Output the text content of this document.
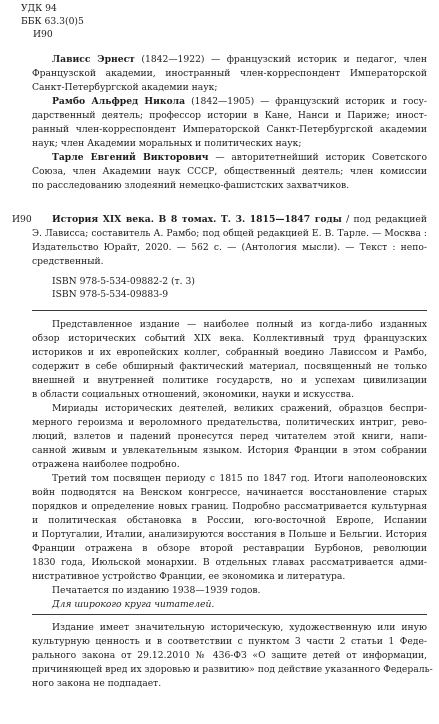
УДК 94
ББК 63.3(0)5
И90
Лависс Эрнест (1842—1922) — французский историк и педагог, член
Французской академии, иностранный член-корреспондент Императорской
Санкт-Петербургской академии наук;
Рамбо Альфред Никола (1842—1905) — французский историк и госу-
дарственный деятель; профессор истории в Кане, Нанси и Париже; иност-
ранный член-корреспондент Императорской Санкт-Петербургской академии
наук; член Академии моральных и политических наук;
Тарле Евгений Викторович — авторитетнейший историк Советского
Союза, член Академии наук СССР, общественный деятель; член комиссии
по расследованию злодеяний немецко-фашистских захватчиков.
И90 История XIX века. В 8 томах. Т. 3. 1815—1847 годы / под редакцией
Э. Лависса; составитель А. Рамбо; под общей редакцией Е. В. Тарле. — Москва :
Издательство Юрайт, 2020. — 562 с. — (Антология мысли). — Текст : непо-
средственный.
ISBN 978-5-534-09882-2 (т. 3)
ISBN 978-5-534-09883-9
Представленное издание — наиболее полный из когда-либо изданных
обзор исторических событий XIX века. Коллективный труд французских
историков и их европейских коллег, собранный воедино Лависсом и Рамбо,
содержит в себе обширный фактический материал, посвященный не только
внешней и внутренней политике государств, но и успехам цивилизации
в области социальных отношений, экономики, науки и искусства.
Мириады исторических деятелей, великих сражений, образцов беспри-
мерного героизма и вероломного предательства, политических интриг, рево-
люций, взлетов и падений пронесутся перед читателем этой книги, напи-
санной живым и увлекательным языком. История Франции в этом собрании
отражена наиболее подробно.
Третий том посвящен периоду с 1815 по 1847 год. Итоги наполеоновских
войн подводятся на Венском конгрессе, начинается восстановление старых
порядков и определение новых границ. Подробно рассматривается культурная
и политическая обстановка в России, юго-восточной Европе, Испании
и Португалии, Италии, анализируются восстания в Польше и Бельгии. История
Франции отражена в обзоре второй реставрации Бурбонов, революции
1830 года, Июльской монархии. В отдельных главах рассматривается адми-
нистративное устройство Франции, ее экономика и литература.
Печатается по изданию 1938—1939 годов.
Для широкого круга читателей.
Издание имеет значительную историческую, художественную или иную
культурную ценность и в соответствии с пунктом 3 части 2 статьи 1 Феде-
рального закона от 29.12.2010 № 436-ФЗ «О защите детей от информации,
причиняющей вред их здоровью и развитию» под действие указанного Федераль-
ного закона не подпадает.
